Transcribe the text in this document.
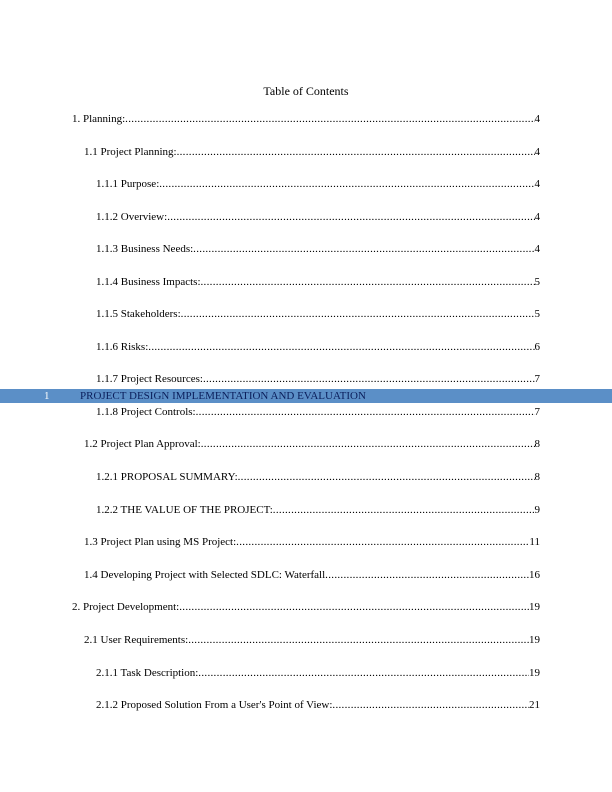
Table of Contents
1. Planning: .....	4
1.1 Project Planning: .....	4
1.1.1 Purpose: .....	4
1.1.2 Overview: .....	4
1.1.3 Business Needs: .....	4
1.1.4 Business Impacts: .....	5
1.1.5 Stakeholders: .....	5
1.1.6 Risks: .....	6
1.1.7 Project Resources: .....	7
1.1.8 Project Controls: .....	7
1.2 Project Plan Approval: .....	8
1.2.1 PROPOSAL SUMMARY: .....	8
1.2.2 THE VALUE OF THE PROJECT: .....	9
1.3 Project Plan using MS Project: .....	11
1.4 Developing Project with Selected SDLC: Waterfall .....	16
2. Project Development: .....	19
2.1 User Requirements: .....	19
2.1.1 Task Description: .....	19
2.1.2 Proposed Solution From a User's Point of View: .....	21
1	PROJECT DESIGN IMPLEMENTATION AND EVALUATION
